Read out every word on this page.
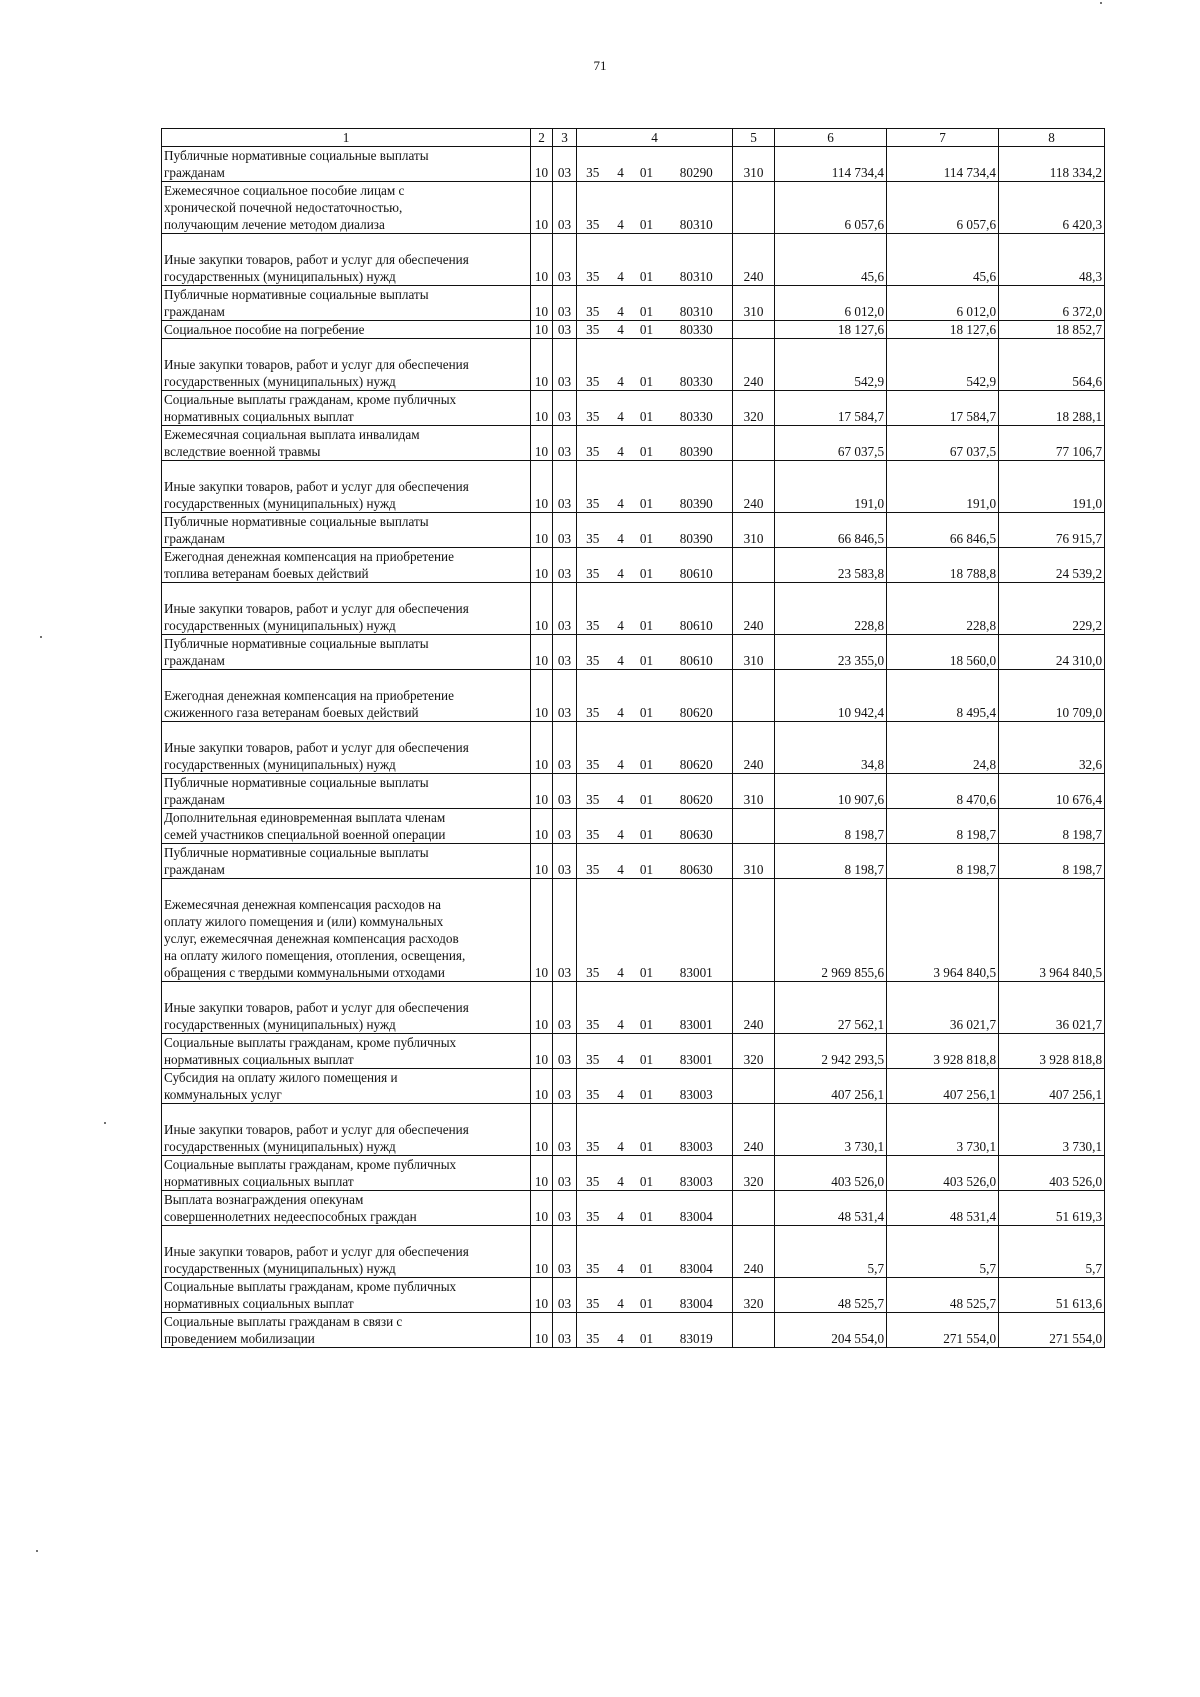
71
1	2	3	4				5	6	7	8
Публичные нормативные социальные выплаты
гражданам	10	03	35	4	01	80290	310	114 734,4	114 734,4	118 334,2
Ежемесячное социальное пособие лицам с
хронической почечной недостаточностью,
получающим лечение методом диализа	10	03	35	4	01	80310		6 057,6	6 057,6	6 420,3

Иные закупки товаров, работ и услуг для обеспечения
государственных (муниципальных) нужд	10	03	35	4	01	80310	240	45,6	45,6	48,3
Публичные нормативные социальные выплаты
гражданам	10	03	35	4	01	80310	310	6 012,0	6 012,0	6 372,0
Социальное пособие на погребение	10	03	35	4	01	80330		18 127,6	18 127,6	18 852,7

Иные закупки товаров, работ и услуг для обеспечения
государственных (муниципальных) нужд	10	03	35	4	01	80330	240	542,9	542,9	564,6
Социальные выплаты гражданам, кроме публичных
нормативных социальных выплат	10	03	35	4	01	80330	320	17 584,7	17 584,7	18 288,1
Ежемесячная социальная выплата инвалидам
вследствие военной травмы	10	03	35	4	01	80390		67 037,5	67 037,5	77 106,7

Иные закупки товаров, работ и услуг для обеспечения
государственных (муниципальных) нужд	10	03	35	4	01	80390	240	191,0	191,0	191,0
Публичные нормативные социальные выплаты
гражданам	10	03	35	4	01	80390	310	66 846,5	66 846,5	76 915,7
Ежегодная денежная компенсация на приобретение
топлива ветеранам боевых действий	10	03	35	4	01	80610		23 583,8	18 788,8	24 539,2

Иные закупки товаров, работ и услуг для обеспечения
государственных (муниципальных) нужд	10	03	35	4	01	80610	240	228,8	228,8	229,2
Публичные нормативные социальные выплаты
гражданам	10	03	35	4	01	80610	310	23 355,0	18 560,0	24 310,0

Ежегодная денежная компенсация на приобретение
сжиженного газа ветеранам боевых действий	10	03	35	4	01	80620		10 942,4	8 495,4	10 709,0

Иные закупки товаров, работ и услуг для обеспечения
государственных (муниципальных) нужд	10	03	35	4	01	80620	240	34,8	24,8	32,6
Публичные нормативные социальные выплаты
гражданам	10	03	35	4	01	80620	310	10 907,6	8 470,6	10 676,4
Дополнительная единовременная выплата членам
семей участников специальной военной операции	10	03	35	4	01	80630		8 198,7	8 198,7	8 198,7
Публичные нормативные социальные выплаты
гражданам	10	03	35	4	01	80630	310	8 198,7	8 198,7	8 198,7

Ежемесячная денежная компенсация расходов на
оплату жилого помещения и (или) коммунальных
услуг, ежемесячная денежная компенсация расходов
на оплату жилого помещения, отопления, освещения,
обращения с твердыми коммунальными отходами	10	03	35	4	01	83001		2 969 855,6	3 964 840,5	3 964 840,5

Иные закупки товаров, работ и услуг для обеспечения
государственных (муниципальных) нужд	10	03	35	4	01	83001	240	27 562,1	36 021,7	36 021,7
Социальные выплаты гражданам, кроме публичных
нормативных социальных выплат	10	03	35	4	01	83001	320	2 942 293,5	3 928 818,8	3 928 818,8
Субсидия на оплату жилого помещения и
коммунальных услуг	10	03	35	4	01	83003		407 256,1	407 256,1	407 256,1

Иные закупки товаров, работ и услуг для обеспечения
государственных (муниципальных) нужд	10	03	35	4	01	83003	240	3 730,1	3 730,1	3 730,1
Социальные выплаты гражданам, кроме публичных
нормативных социальных выплат	10	03	35	4	01	83003	320	403 526,0	403 526,0	403 526,0
Выплата вознаграждения опекунам
совершеннолетних недееспособных граждан	10	03	35	4	01	83004		48 531,4	48 531,4	51 619,3

Иные закупки товаров, работ и услуг для обеспечения
государственных (муниципальных) нужд	10	03	35	4	01	83004	240	5,7	5,7	5,7
Социальные выплаты гражданам, кроме публичных
нормативных социальных выплат	10	03	35	4	01	83004	320	48 525,7	48 525,7	51 613,6
Социальные выплаты гражданам в связи с
проведением мобилизации	10	03	35	4	01	83019		204 554,0	271 554,0	271 554,0
